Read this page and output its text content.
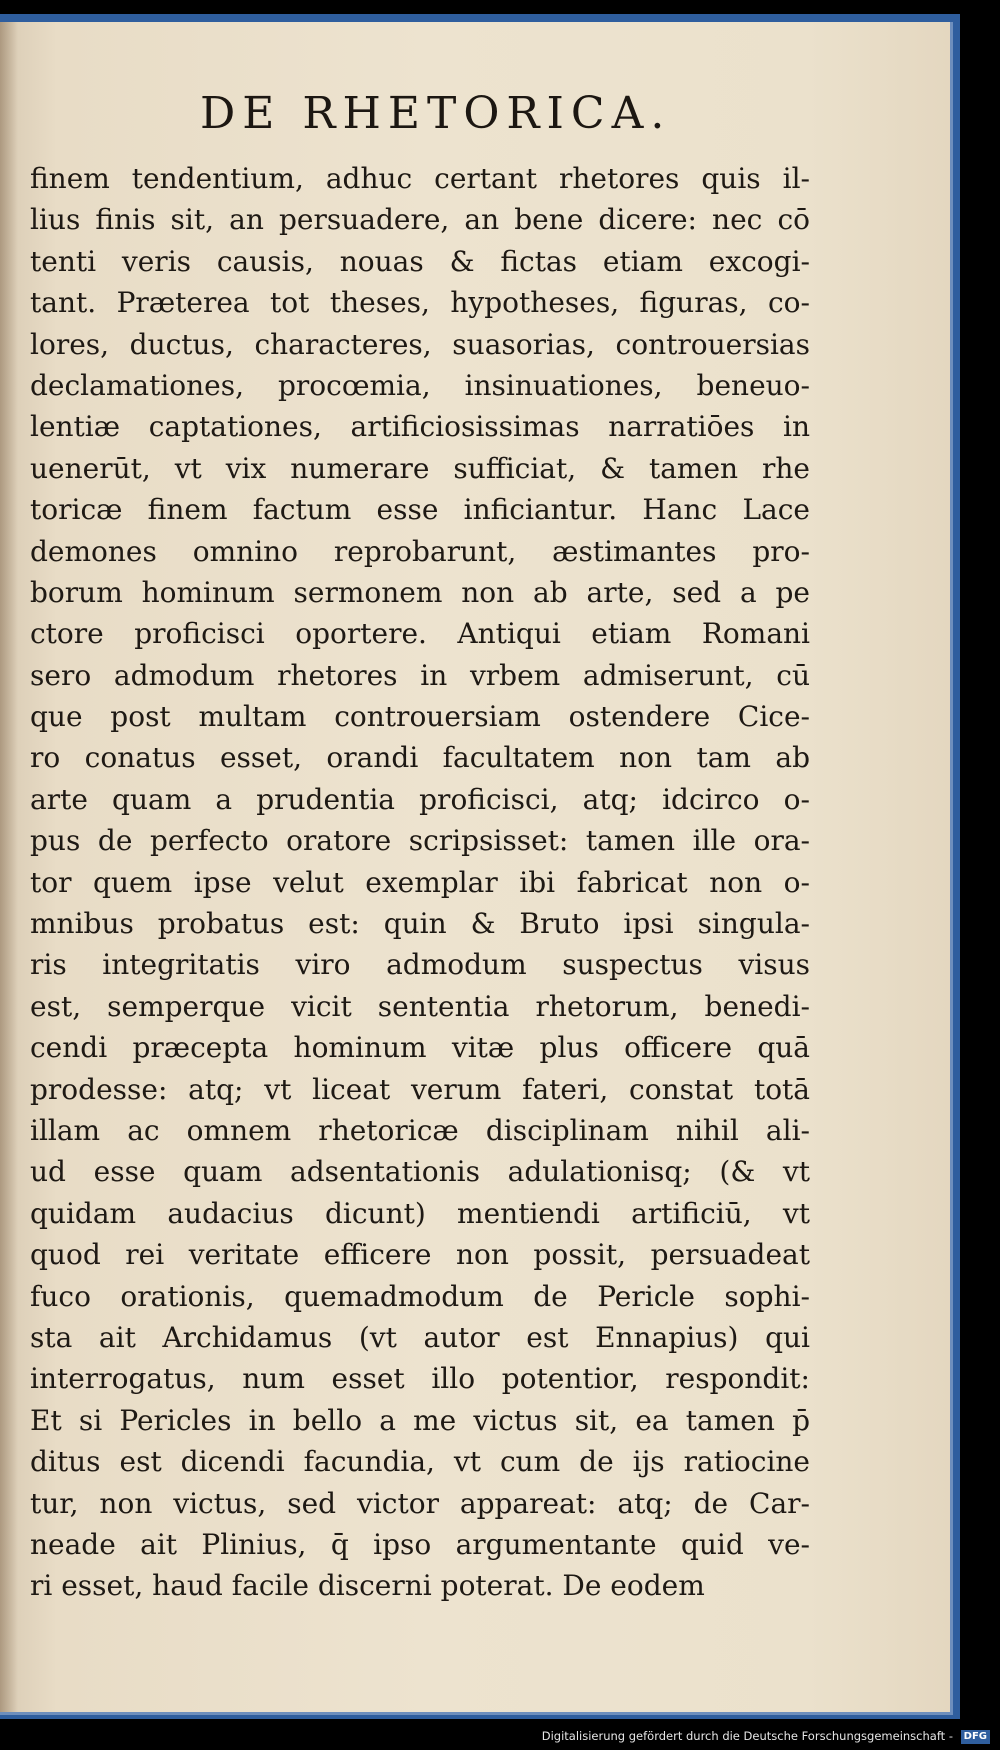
DE RHETORICA.
finem tendentium, adhuc certant rhetores quis il-
lius finis sit, an persuadere, an bene dicere: nec cō
tenti veris causis, nouas & fictas etiam excogi-
tant. Præterea tot theses, hypotheses, figuras, co-
lores, ductus, characteres, suasorias, controuersias
declamationes, procœmia, insinuationes, beneuo-
lentiæ captationes, artificiosissimas narratiōes in
uenerūt, vt vix numerare sufficiat, & tamen rhe
toricæ finem factum esse inficiantur. Hanc Lace
demones omnino reprobarunt, æstimantes pro-
borum hominum sermonem non ab arte, sed a pe
ctore proficisci oportere. Antiqui etiam Romani
sero admodum rhetores in vrbem admiserunt, cū
que post multam controuersiam ostendere Cice-
ro conatus esset, orandi facultatem non tam ab
arte quam a prudentia proficisci, atq; idcirco o-
pus de perfecto oratore scripsisset: tamen ille ora-
tor quem ipse velut exemplar ibi fabricat non o-
mnibus probatus est: quin & Bruto ipsi singula-
ris integritatis viro admodum suspectus visus
est, semperque vicit sententia rhetorum, benedi-
cendi præcepta hominum vitæ plus officere quā
prodesse: atq; vt liceat verum fateri, constat totā
illam ac omnem rhetoricæ disciplinam nihil ali-
ud esse quam adsentationis adulationisq; (& vt
quidam audacius dicunt) mentiendi artificiū, vt
quod rei veritate efficere non possit, persuadeat
fuco orationis, quemadmodum de Pericle sophi-
sta ait Archidamus (vt autor est Ennapius) qui
interrogatus, num esset illo potentior, respondit:
Et si Pericles in bello a me victus sit, ea tamen p̄
ditus est dicendi facundia, vt cum de ijs ratiocine
tur, non victus, sed victor appareat: atq; de Car-
neade ait Plinius, q̄ ipso argumentante quid ve-
ri esset, haud facile discerni poterat. De eodem
Digitalisierung gefördert durch die Deutsche Forschungsgemeinschaft - DFG
